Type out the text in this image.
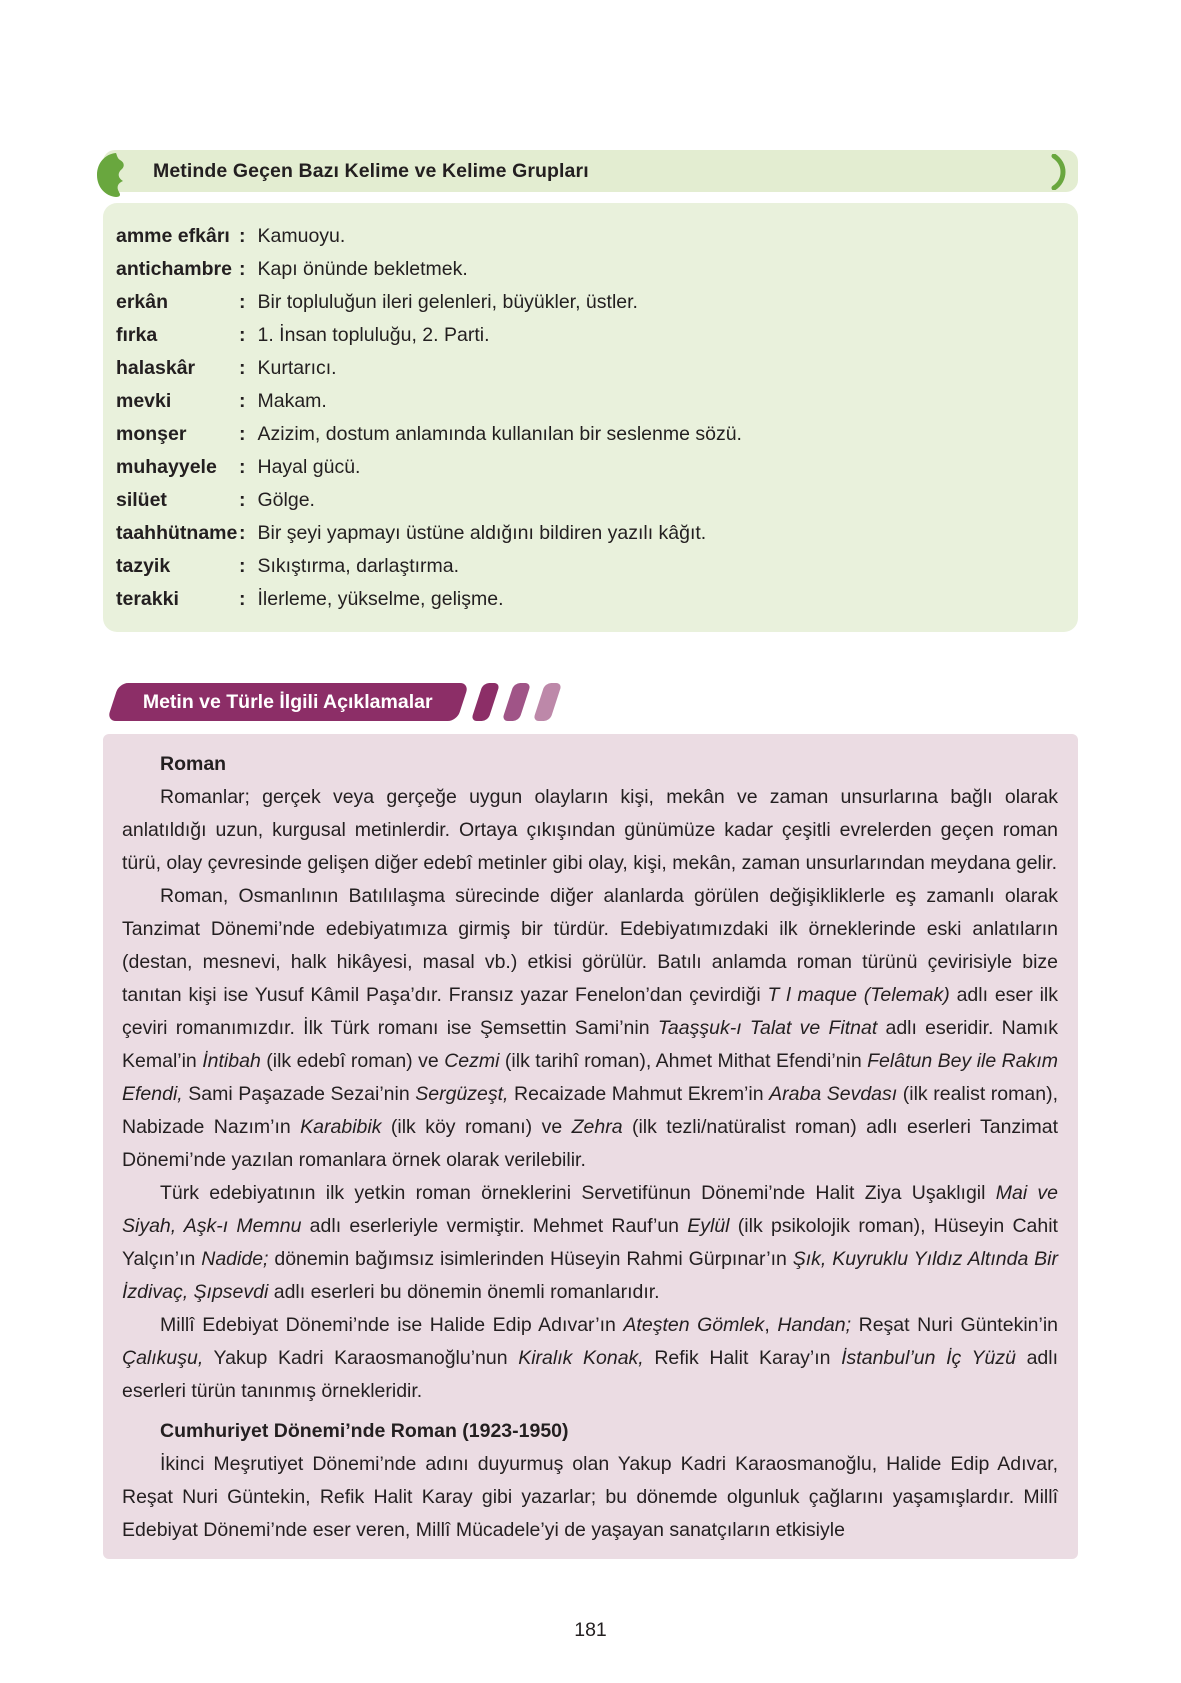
Metinde Geçen Bazı Kelime ve Kelime Grupları
amme efkârı : Kamuoyu.
antichambre : Kapı önünde bekletmek.
erkân	: Bir topluluğun ileri gelenleri, büyükler, üstler.
fırka	: 1. İnsan topluluğu, 2. Parti.
halaskâr	: Kurtarıcı.
mevki	: Makam.
monşer	: Azizim, dostum anlamında kullanılan bir seslenme sözü.
muhayyele	: Hayal gücü.
silüet	: Gölge.
taahhütname : Bir şeyi yapmayı üstüne aldığını bildiren yazılı kâğıt.
tazyik	: Sıkıştırma, darlaştırma.
terakki	: İlerleme, yükselme, gelişme.
Metin ve Türle İlgili Açıklamalar

Roman

Romanlar; gerçek veya gerçeğe uygun olayların kişi, mekân ve zaman unsurlarına bağlı olarak anlatıldığı uzun, kurgusal metinlerdir. Ortaya çıkışından günümüze kadar çeşitli evrelerden geçen roman türü, olay çevresinde gelişen diğer edebî metinler gibi olay, kişi, mekân, zaman unsurlarından meydana gelir.

Roman, Osmanlının Batılılaşma sürecinde diğer alanlarda görülen değişikliklerle eş zamanlı olarak Tanzimat Dönemi’nde edebiyatımıza girmiş bir türdür. Edebiyatımızdaki ilk örneklerinde eski anlatıların (destan, mesnevi, halk hikâyesi, masal vb.) etkisi görülür. Batılı anlamda roman türünü çevirisiyle bize tanıtan kişi ise Yusuf Kâmil Paşa’dır. Fransız yazar Fenelon’dan çevirdiği T l maque (Telemak) adlı eser ilk çeviri romanımızdır. İlk Türk romanı ise Şemsettin Sami’nin Taaşşuk-ı Talat ve Fitnat adlı eseridir. Namık Kemal’in İntibah (ilk edebî roman) ve Cezmi (ilk tarihî roman), Ahmet Mithat Efendi’nin Felâtun Bey ile Rakım Efendi, Sami Paşazade Sezai’nin Sergüzeşt, Recaizade Mahmut Ekrem’in Araba Sevdası (ilk realist roman), Nabizade Nazım’ın Karabibik (ilk köy romanı) ve Zehra (ilk tezli/natüralist roman) adlı eserleri Tanzimat Dönemi’nde yazılan romanlara örnek olarak verilebilir.

Türk edebiyatının ilk yetkin roman örneklerini Servetifünun Dönemi’nde Halit Ziya Uşaklıgil Mai ve Siyah, Aşk-ı Memnu adlı eserleriyle vermiştir. Mehmet Rauf’un Eylül (ilk psikolojik roman), Hüseyin Cahit Yalçın’ın Nadide; dönemin bağımsız isimlerinden Hüseyin Rahmi Gürpınar’ın Şık, Kuyruklu Yıldız Altında Bir İzdivaç, Şıpsevdi adlı eserleri bu dönemin önemli romanlarıdır.

Millî Edebiyat Dönemi’nde ise Halide Edip Adıvar’ın Ateşten Gömlek, Handan; Reşat Nuri Güntekin’in Çalıkuşu, Yakup Kadri Karaosmanoğlu’nun Kiralık Konak, Refik Halit Karay’ın İstanbul’un İç Yüzü adlı eserleri türün tanınmış örnekleridir.

Cumhuriyet Dönemi’nde Roman (1923-1950)

İkinci Meşrutiyet Dönemi’nde adını duyurmuş olan Yakup Kadri Karaosmanoğlu, Halide Edip Adıvar, Reşat Nuri Güntekin, Refik Halit Karay gibi yazarlar; bu dönemde olgunluk çağlarını yaşamışlardır. Millî Edebiyat Dönemi’nde eser veren, Millî Mücadele’yi de yaşayan sanatçıların etkisiyle

181
